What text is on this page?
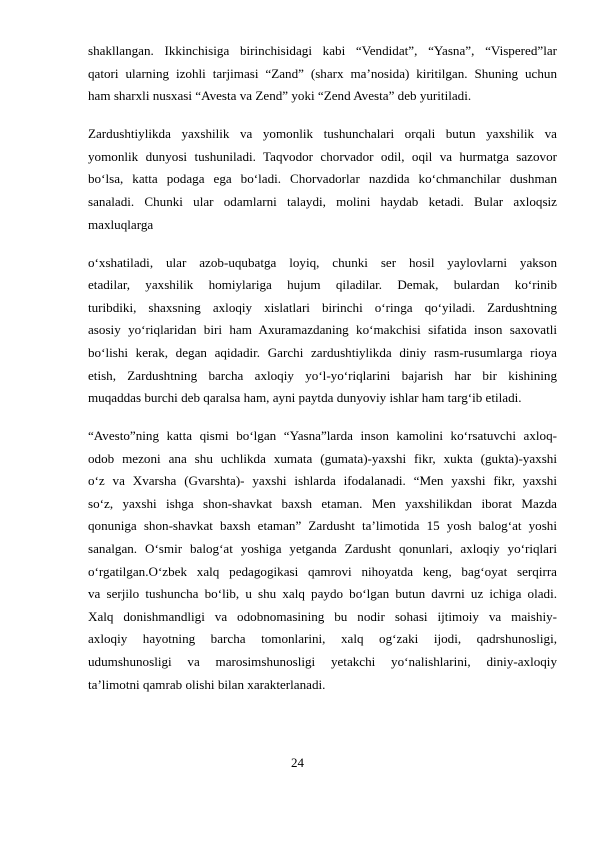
shakllangan. Ikkinchisiga birinchisidagi kabi “Vendidat”, “Yasna”, “Vispered”lar
qatori ularning izohli tarjimasi “Zand” (sharx ma’nosida) kiritilgan. Shuning uchun
ham sharxli nusxasi “Avesta va Zend” yoki “Zend Avesta” deb yuritiladi.

Zardushtiylikda yaxshilik va yomonlik tushunchalari orqali butun yaxshilik va
yomonlik dunyosi tushuniladi. Taqvodor chorvador odil, oqil va hurmatga sazovor
bo‘lsa, katta podaga ega bo‘ladi. Chorvadorlar nazdida ko‘chmanchilar dushman
sanaladi. Chunki ular odamlarni talaydi, molini haydab ketadi. Bular axloqsiz
maxluqlarga

o‘xshatiladi, ular azob-uqubatga loyiq, chunki ser hosil yaylovlarni yakson
etadilar, yaxshilik homiylariga hujum qiladilar. Demak, bulardan ko‘rinib
turibdiki, shaxsning axloqiy xislatlari birinchi o‘ringa qo‘yiladi. Zardushtning
asosiy yo‘riqlaridan biri ham Axuramazdaning ko‘makchisi sifatida inson saxovatli
bo‘lishi kerak, degan aqidadir. Garchi zardushtiylikda diniy rasm-rusumlarga rioya
etish, Zardushtning barcha axloqiy yo‘l-yo‘riqlarini bajarish har bir kishining
muqaddas burchi deb qaralsa ham, ayni paytda dunyoviy ishlar ham targ‘ib etiladi.

“Avesto”ning katta qismi bo‘lgan “Yasna”larda inson kamolini ko‘rsatuvchi axloq-
odob mezoni ana shu uchlikda xumata (gumata)-yaxshi fikr, xukta (gukta)-yaxshi
o‘z va Xvarsha (Gvarshta)- yaxshi ishlarda ifodalanadi. “Men yaxshi fikr, yaxshi
so‘z, yaxshi ishga shon-shavkat baxsh etaman. Men yaxshilikdan iborat Mazda
qonuniga shon-shavkat baxsh etaman” Zardusht ta’limotida 15 yosh balog‘at yoshi
sanalgan. O‘smir balog‘at yoshiga yetganda Zardusht qonunlari, axloqiy yo‘riqlari
o‘rgatilgan.O‘zbek xalq pedagogikasi qamrovi nihoyatda keng, bag‘oyat serqirra
va serjilo tushuncha bo‘lib, u shu xalq paydo bo‘lgan butun davrni uz ichiga oladi.
Xalq donishmandligi va odobnomasining bu nodir sohasi ijtimoiy va maishiy-
axloqiy hayotning barcha tomonlarini, xalq og‘zaki ijodi, qadrshunosligi,
udumshunosligi va marosimshunosligi yetakchi yo‘nalishlarini, diniy-axloqiy
ta’limotni qamrab olishi bilan xarakterlanadi.

24
